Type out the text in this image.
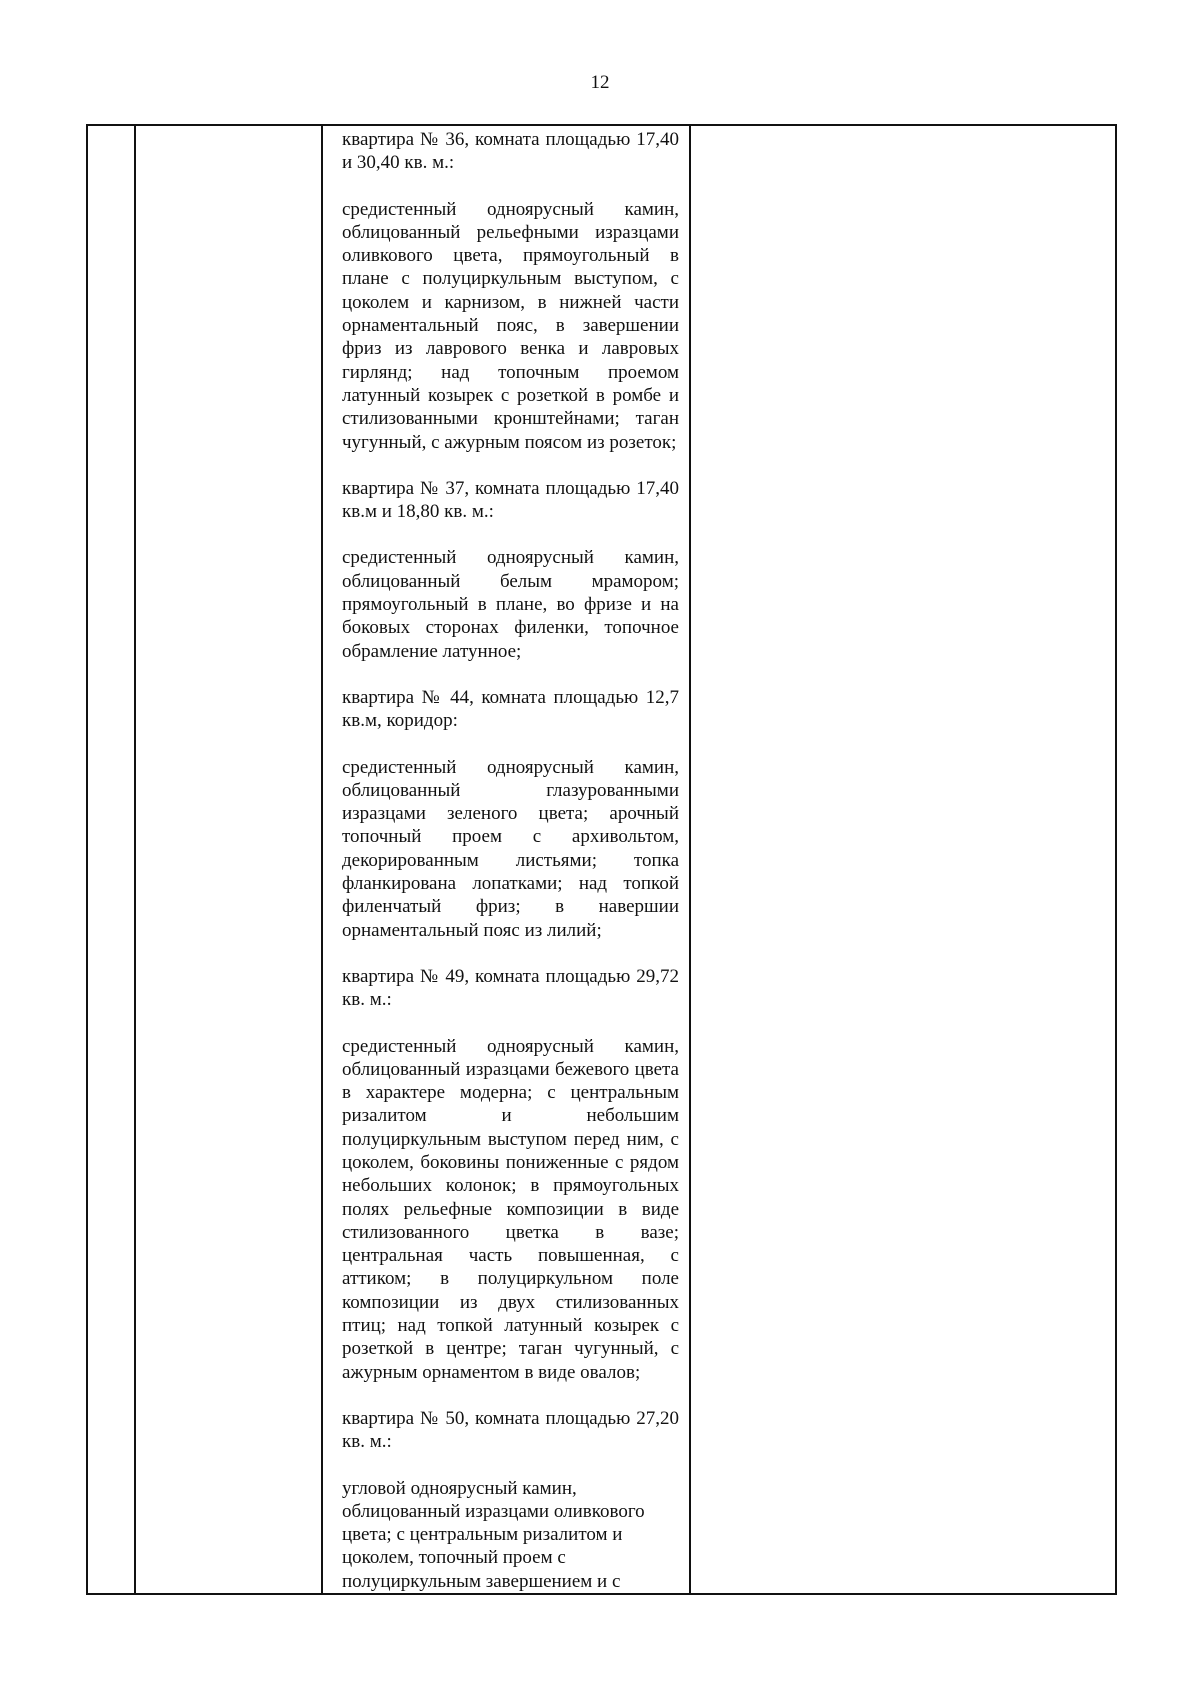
12

квартира № 36, комната площадью 17,40 и 30,40 кв. м.:

средистенный одноярусный камин, облицованный рельефными изразцами оливкового цвета, прямоугольный в плане с полуциркульным выступом, с цоколем и карнизом, в нижней части орнаментальный пояс, в завершении фриз из лаврового венка и лавровых гирлянд; над топочным проемом латунный козырек с розеткой в ромбе и стилизованными кронштейнами; таган чугунный, с ажурным поясом из розеток;

квартира № 37, комната площадью 17,40 кв.м и 18,80 кв. м.:

средистенный одноярусный камин, облицованный белым мрамором; прямоугольный в плане, во фризе и на боковых сторонах филенки, топочное обрамление латунное;

квартира № 44, комната площадью 12,7 кв.м, коридор:

средистенный одноярусный камин, облицованный глазурованными изразцами зеленого цвета; арочный топочный проем с архивольтом, декорированным листьями; топка фланкирована лопатками; над топкой филенчатый фриз; в навершии орнаментальный пояс из лилий;

квартира № 49, комната площадью 29,72 кв. м.:

средистенный одноярусный камин, облицованный изразцами бежевого цвета в характере модерна; с центральным ризалитом и небольшим полуциркульным выступом перед ним, с цоколем, боковины пониженные с рядом небольших колонок; в прямоугольных полях рельефные композиции в виде стилизованного цветка в вазе; центральная часть повышенная, с аттиком; в полуциркульном поле композиции из двух стилизованных птиц; над топкой латунный козырек с розеткой в центре; таган чугунный, с ажурным орнаментом в виде овалов;

квартира № 50, комната площадью 27,20 кв. м.:

угловой одноярусный камин, облицованный изразцами оливкового цвета; с центральным ризалитом и цоколем, топочный проем с полуциркульным завершением и с
